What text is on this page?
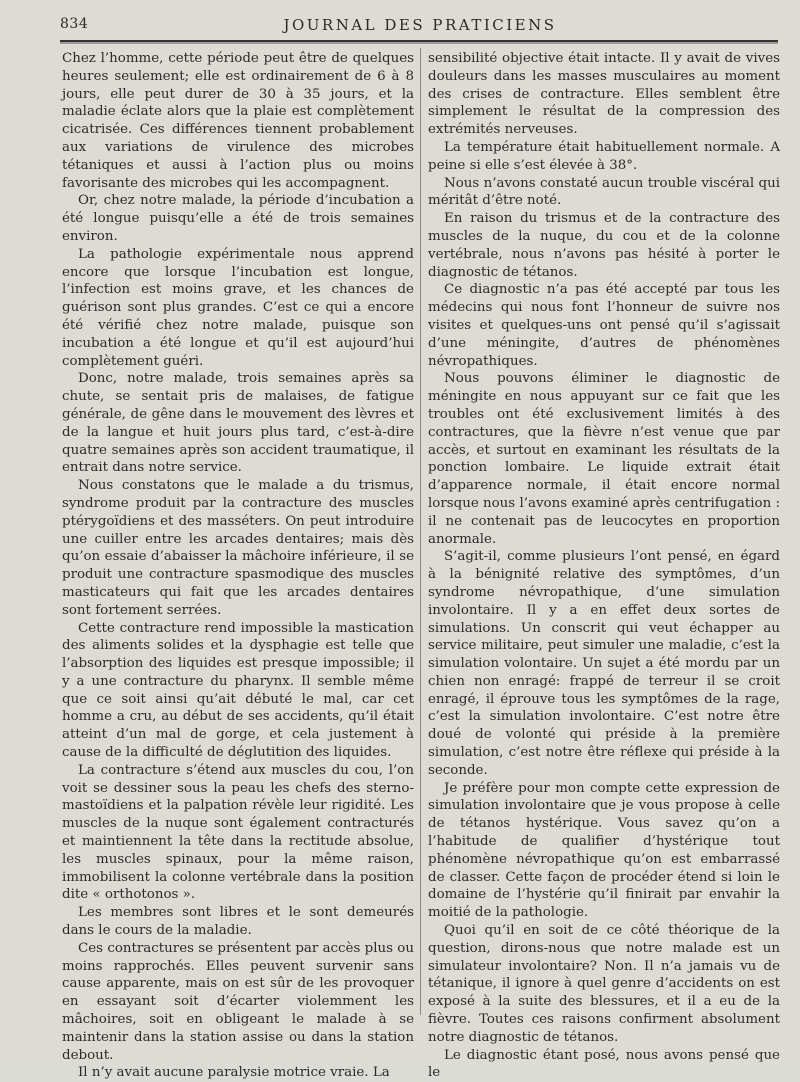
834	JOURNAL DES PRATICIENS

Chez l’homme, cette période peut être de quelques heures seulement; elle est ordinairement de 6 à 8 jours, elle peut durer de 30 à 35 jours, et la maladie éclate alors que la plaie est complètement cicatrisée. Ces différences tiennent probablement aux variations de virulence des microbes tétaniques et aussi à l’action plus ou moins favorisante des microbes qui les accompagnent.

Or, chez notre malade, la période d’incubation a été longue puisqu’elle a été de trois semaines environ.

La pathologie expérimentale nous apprend encore que lorsque l’incubation est longue, l’infection est moins grave, et les chances de guérison sont plus grandes. C’est ce qui a encore été vérifié chez notre malade, puisque son incubation a été longue et qu’il est aujourd’hui complètement guéri.

Donc, notre malade, trois semaines après sa chute, se sentait pris de malaises, de fatigue générale, de gêne dans le mouvement des lèvres et de la langue et huit jours plus tard, c’est-à-dire quatre semaines après son accident traumatique, il entrait dans notre service.

Nous constatons que le malade a du trismus, syndrome produit par la contracture des muscles ptérygoïdiens et des masséters. On peut introduire une cuiller entre les arcades dentaires; mais dès qu’on essaie d’abaisser la mâchoire inférieure, il se produit une contracture spasmodique des muscles masticateurs qui fait que les arcades dentaires sont fortement serrées.

Cette contracture rend impossible la mastication des aliments solides et la dysphagie est telle que l’absorption des liquides est presque impossible; il y a une contracture du pharynx. Il semble même que ce soit ainsi qu’ait débuté le mal, car cet homme a cru, au début de ses accidents, qu’il était atteint d’un mal de gorge, et cela justement à cause de la difficulté de déglutition des liquides.

La contracture s’étend aux muscles du cou, l’on voit se dessiner sous la peau les chefs des sterno-mastoïdiens et la palpation révèle leur rigidité. Les muscles de la nuque sont également contracturés et maintiennent la tête dans la rectitude absolue, les muscles spinaux, pour la même raison, immobilisent la colonne vertébrale dans la position dite « orthotonos ».

Les membres sont libres et le sont demeurés dans le cours de la maladie.

Ces contractures se présentent par accès plus ou moins rapprochés. Elles peuvent survenir sans cause apparente, mais on est sûr de les provoquer en essayant soit d’écarter violemment les mâchoires, soit en obligeant le malade à se maintenir dans la station assise ou dans la station debout.

Il n’y avait aucune paralysie motrice vraie. La

sensibilité objective était intacte. Il y avait de vives douleurs dans les masses musculaires au moment des crises de contracture. Elles semblent être simplement le résultat de la compression des extrémités nerveuses.

La température était habituellement normale. A peine si elle s’est élevée à 38°.

Nous n’avons constaté aucun trouble viscéral qui méritât d’être noté.

En raison du trismus et de la contracture des muscles de la nuque, du cou et de la colonne vertébrale, nous n’avons pas hésité à porter le diagnostic de tétanos.

Ce diagnostic n’a pas été accepté par tous les médecins qui nous font l’honneur de suivre nos visites et quelques-uns ont pensé qu’il s’agissait d’une méningite, d’autres de phénomènes névropathiques.

Nous pouvons éliminer le diagnostic de méningite en nous appuyant sur ce fait que les troubles ont été exclusivement limités à des contractures, que la fièvre n’est venue que par accès, et surtout en examinant les résultats de la ponction lombaire. Le liquide extrait était d’apparence normale, il était encore normal lorsque nous l’avons examiné après centrifugation : il ne contenait pas de leucocytes en proportion anormale.

S’agit-il, comme plusieurs l’ont pensé, en égard à la bénignité relative des symptômes, d’un syndrome névropathique, d’une simulation involontaire. Il y a en effet deux sortes de simulations. Un conscrit qui veut échapper au service militaire, peut simuler une maladie, c’est la simulation volontaire. Un sujet a été mordu par un chien non enragé: frappé de terreur il se croit enragé, il éprouve tous les symptômes de la rage, c’est la simulation involontaire. C’est notre être doué de volonté qui préside à la première simulation, c’est notre être réflexe qui préside à la seconde.

Je préfère pour mon compte cette expression de simulation involontaire que je vous propose à celle de tétanos hystérique. Vous savez qu’on a l’habitude de qualifier d’hystérique tout phénomène névropathique qu’on est embarrassé de classer. Cette façon de procéder étend si loin le domaine de l’hystérie qu’il finirait par envahir la moitié de la pathologie.

Quoi qu’il en soit de ce côté théorique de la question, dirons-nous que notre malade est un simulateur involontaire? Non. Il n’a jamais vu de tétanique, il ignore à quel genre d’accidents on est exposé à la suite des blessures, et il a eu de la fièvre. Toutes ces raisons confirment absolument notre diagnostic de tétanos.

Le diagnostic étant posé, nous avons pensé que le
